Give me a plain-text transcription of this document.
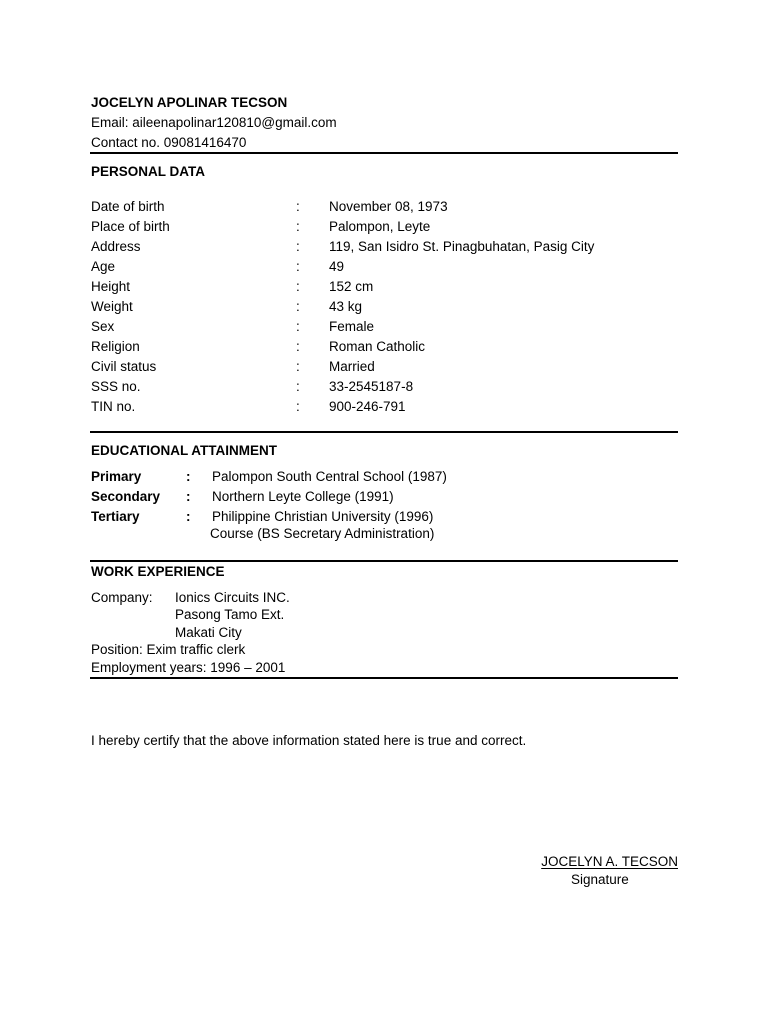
JOCELYN APOLINAR TECSON
Email: aileenapolinar120810@gmail.com
Contact no. 09081416470
PERSONAL DATA
Date of birth	: November 08, 1973
Place of birth	: Palompon, Leyte
Address	: 119, San Isidro St. Pinagbuhatan, Pasig City
Age	: 49
Height	: 152 cm
Weight	: 43 kg
Sex	: Female
Religion	: Roman Catholic
Civil status	: Married
SSS no.	: 33-2545187-8
TIN no.	: 900-246-791
EDUCATIONAL ATTAINMENT
Primary	: Palompon South Central School (1987)
Secondary : Northern Leyte College (1991)
Tertiary	: Philippine Christian University (1996)
Course (BS Secretary Administration)
WORK EXPERIENCE
Company: Ionics Circuits INC.
Pasong Tamo Ext.
Makati City
Position: Exim traffic clerk
Employment years: 1996 – 2001
I hereby certify that the above information stated here is true and correct.
JOCELYN A. TECSON
Signature
